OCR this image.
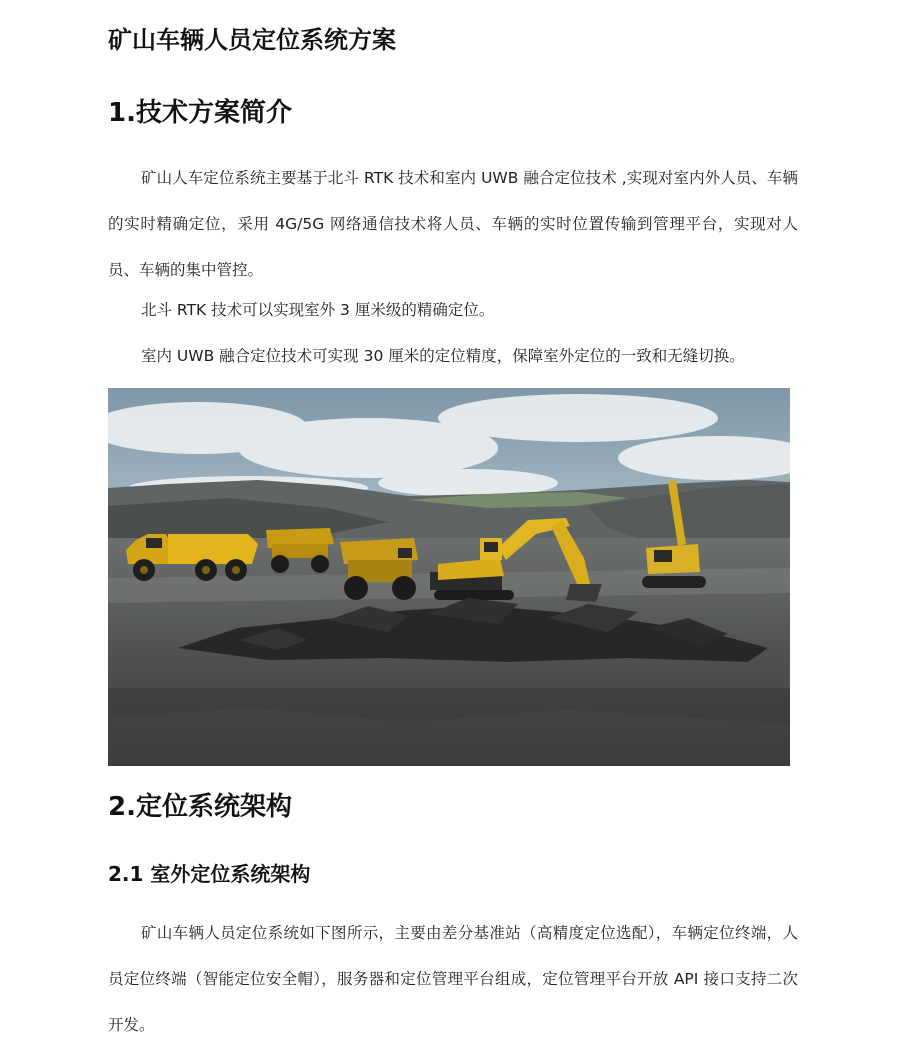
矿山车辆人员定位系统方案
1.技术方案简介

矿山人车定位系统主要基于北斗 RTK 技术和室内 UWB 融合定位技术 ,实现对室内外人员、车辆的实时精确定位，采用 4G/5G 网络通信技术将人员、车辆的实时位置传输到管理平台，实现对人员、车辆的集中管控。

北斗 RTK 技术可以实现室外 3 厘米级的精确定位。

室内 UWB 融合定位技术可实现 30 厘米的定位精度，保障室外定位的一致和无缝切换。

2.定位系统架构
2.1 室外定位系统架构

矿山车辆人员定位系统如下图所示，主要由差分基准站（高精度定位选配），车辆定位终端，人员定位终端（智能定位安全帽），服务器和定位管理平台组成，定位管理平台开放 API 接口支持二次开发。
